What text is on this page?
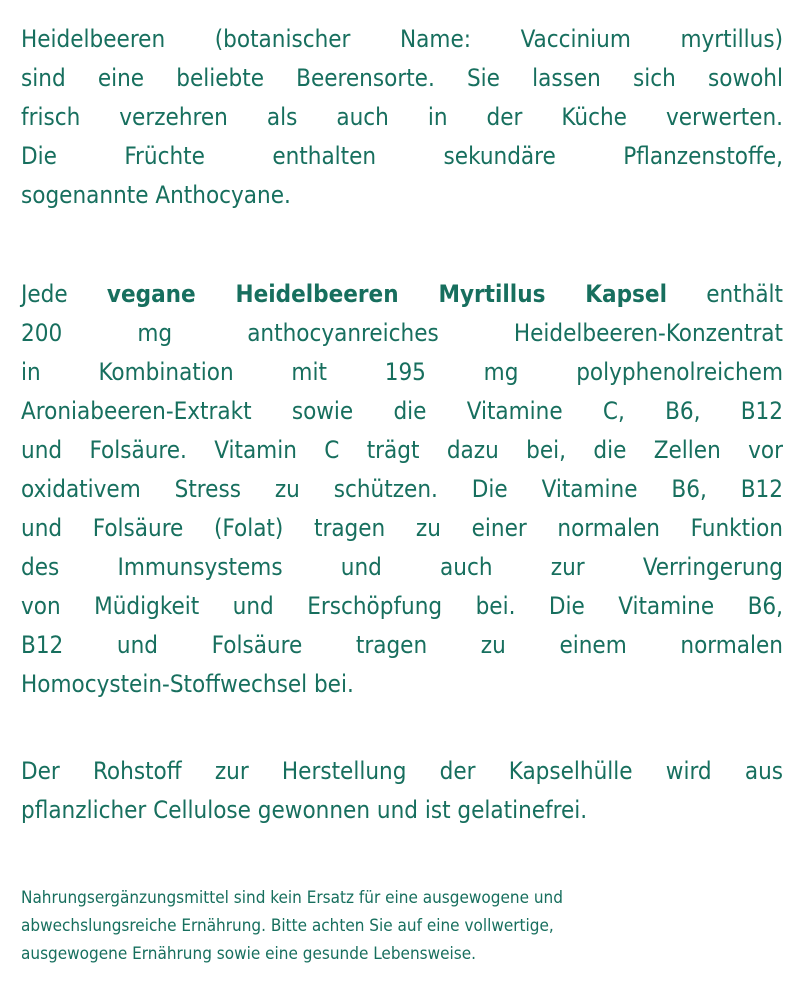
Heidelbeeren (botanischer Name: Vaccinium myrtillus)
sind eine beliebte Beerensorte. Sie lassen sich sowohl
frisch verzehren als auch in der Küche verwerten.
Die Früchte enthalten sekundäre Pflanzenstoffe,
sogenannte Anthocyane.

Jede vegane Heidelbeeren Myrtillus Kapsel enthält
200 mg anthocyanreiches Heidelbeeren-Konzentrat
in Kombination mit 195 mg polyphenolreichem
Aroniabeeren-Extrakt sowie die Vitamine C, B6, B12
und Folsäure. Vitamin C trägt dazu bei, die Zellen vor
oxidativem Stress zu schützen. Die Vitamine B6, B12
und Folsäure (Folat) tragen zu einer normalen Funktion
des Immunsystems und auch zur Verringerung
von Müdigkeit und Erschöpfung bei. Die Vitamine B6,
B12 und Folsäure tragen zu einem normalen
Homocystein-Stoffwechsel bei.

Der Rohstoff zur Herstellung der Kapselhülle wird aus
pflanzlicher Cellulose gewonnen und ist gelatinefrei.

Nahrungsergänzungsmittel sind kein Ersatz für eine ausgewogene und
abwechslungsreiche Ernährung. Bitte achten Sie auf eine vollwertige,
ausgewogene Ernährung sowie eine gesunde Lebensweise.
